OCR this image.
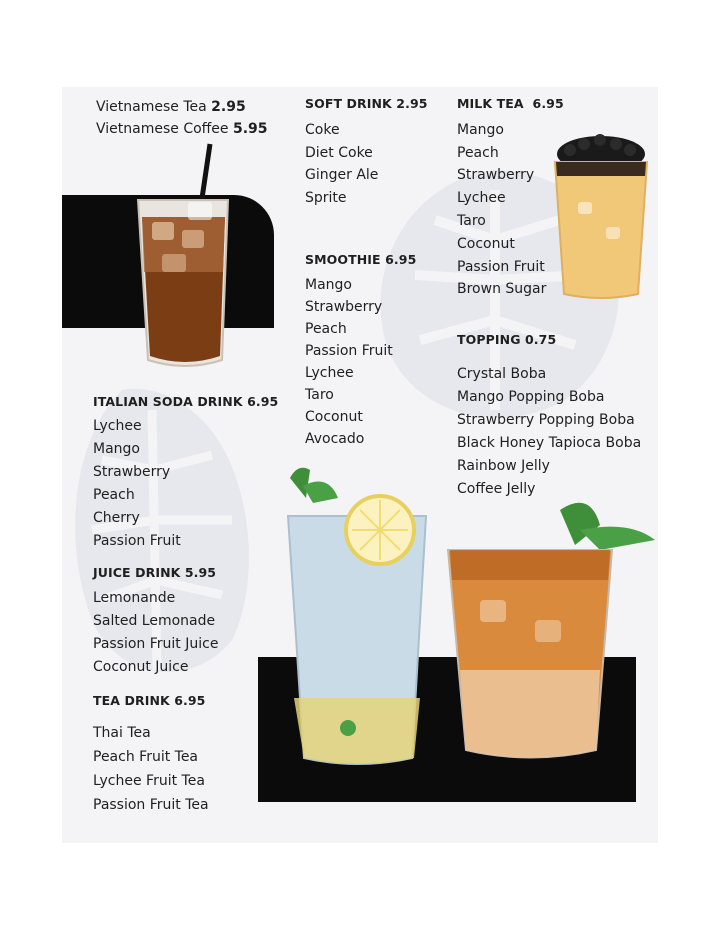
Vietnamese Tea 2.95
Vietnamese Coffee 5.95
SOFT DRINK 2.95
Coke
Diet Coke
Ginger Ale
Sprite
SMOOTHIE 6.95
Mango
Strawberry
Peach
Passion Fruit
Lychee
Taro
Coconut
Avocado
MILK TEA  6.95
Mango
Peach
Strawberry
Lychee
Taro
Coconut
Passion Fruit
Brown Sugar
TOPPING 0.75
Crystal Boba
Mango Popping Boba
Strawberry Popping Boba
Black Honey Tapioca Boba
Rainbow Jelly
Coffee Jelly
ITALIAN SODA DRINK 6.95
Lychee
Mango
Strawberry
Peach
Cherry
Passion Fruit
JUICE DRINK 5.95
Lemonande
Salted Lemonade
Passion Fruit Juice
Coconut Juice
TEA DRINK 6.95
Thai Tea
Peach Fruit Tea
Lychee Fruit Tea
Passion Fruit Tea
